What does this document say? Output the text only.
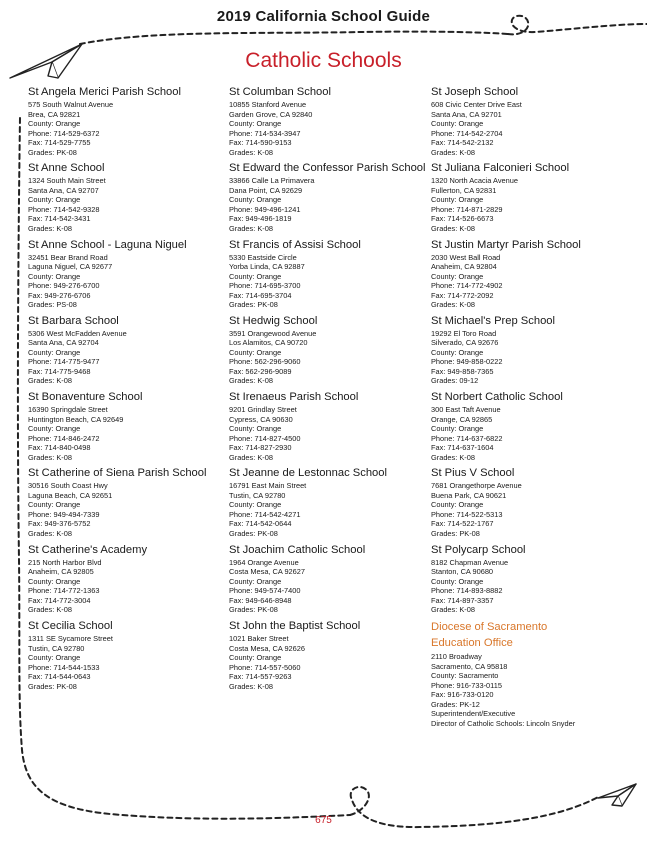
2019 California School Guide
Catholic Schools
St Angela Merici Parish School
575 South Walnut Avenue
Brea, CA 92821
County: Orange
Phone: 714-529-6372
Fax: 714-529-7755
Grades: PK-08
St Anne School
1324 South Main Street
Santa Ana, CA 92707
County: Orange
Phone: 714-542-9328
Fax: 714-542-3431
Grades: K-08
St Anne School - Laguna Niguel
32451 Bear Brand Road
Laguna Niguel, CA 92677
County: Orange
Phone: 949-276-6700
Fax: 949-276-6706
Grades: PS-08
St Barbara School
5306 West McFadden Avenue
Santa Ana, CA 92704
County: Orange
Phone: 714-775-9477
Fax: 714-775-9468
Grades: K-08
St Bonaventure School
16390 Springdale Street
Huntington Beach, CA 92649
County: Orange
Phone: 714-846-2472
Fax: 714-840-0498
Grades: K-08
St Catherine of Siena Parish School
30516 South Coast Hwy
Laguna Beach, CA 92651
County: Orange
Phone: 949-494-7339
Fax: 949-376-5752
Grades: K-08
St Catherine's Academy
215 North Harbor Blvd
Anaheim, CA 92805
County: Orange
Phone: 714-772-1363
Fax: 714-772-3004
Grades: K-08
St Cecilia School
1311 SE Sycamore Street
Tustin, CA 92780
County: Orange
Phone: 714-544-1533
Fax: 714-544-0643
Grades: PK-08
St Columban School
10855 Stanford Avenue
Garden Grove, CA 92840
County: Orange
Phone: 714-534-3947
Fax: 714-590-9153
Grades: K-08
St Edward the Confessor Parish School
33866 Calle La Primavera
Dana Point, CA 92629
County: Orange
Phone: 949-496-1241
Fax: 949-496-1819
Grades: K-08
St Francis of Assisi School
5330 Eastside Circle
Yorba Linda, CA 92887
County: Orange
Phone: 714-695-3700
Fax: 714-695-3704
Grades: PK-08
St Hedwig School
3591 Orangewood Avenue
Los Alamitos, CA 90720
County: Orange
Phone: 562-296-9060
Fax: 562-296-9089
Grades: K-08
St Irenaeus Parish School
9201 Grindlay Street
Cypress, CA 90630
County: Orange
Phone: 714-827-4500
Fax: 714-827-2930
Grades: K-08
St Jeanne de Lestonnac School
16791 East Main Street
Tustin, CA 92780
County: Orange
Phone: 714-542-4271
Fax: 714-542-0644
Grades: PK-08
St Joachim Catholic School
1964 Orange Avenue
Costa Mesa, CA 92627
County: Orange
Phone: 949-574-7400
Fax: 949-646-8948
Grades: PK-08
St John the Baptist School
1021 Baker Street
Costa Mesa, CA 92626
County: Orange
Phone: 714-557-5060
Fax: 714-557-9263
Grades: K-08
St Joseph School
608 Civic Center Drive East
Santa Ana, CA 92701
County: Orange
Phone: 714-542-2704
Fax: 714-542-2132
Grades: K-08
St Juliana Falconieri School
1320 North Acacia Avenue
Fullerton, CA 92831
County: Orange
Phone: 714-871-2829
Fax: 714-526-6673
Grades: K-08
St Justin Martyr Parish School
2030 West Ball Road
Anaheim, CA 92804
County: Orange
Phone: 714-772-4902
Fax: 714-772-2092
Grades: K-08
St Michael's Prep School
19292 El Toro Road
Silverado, CA 92676
County: Orange
Phone: 949-858-0222
Fax: 949-858-7365
Grades: 09-12
St Norbert Catholic School
300 East Taft Avenue
Orange, CA 92865
County: Orange
Phone: 714-637-6822
Fax: 714-637-1604
Grades: K-08
St Pius V School
7681 Orangethorpe Avenue
Buena Park, CA 90621
County: Orange
Phone: 714-522-5313
Fax: 714-522-1767
Grades: PK-08
St Polycarp School
8182 Chapman Avenue
Stanton, CA 90680
County: Orange
Phone: 714-893-8882
Fax: 714-897-3357
Grades: K-08
Diocese of Sacramento
Education Office
2110 Broadway
Sacramento, CA 95818
County: Sacramento
Phone: 916-733-0115
Fax: 916-733-0120
Grades: PK-12
Superintendent/Executive
Director of Catholic Schools: Lincoln Snyder
675
